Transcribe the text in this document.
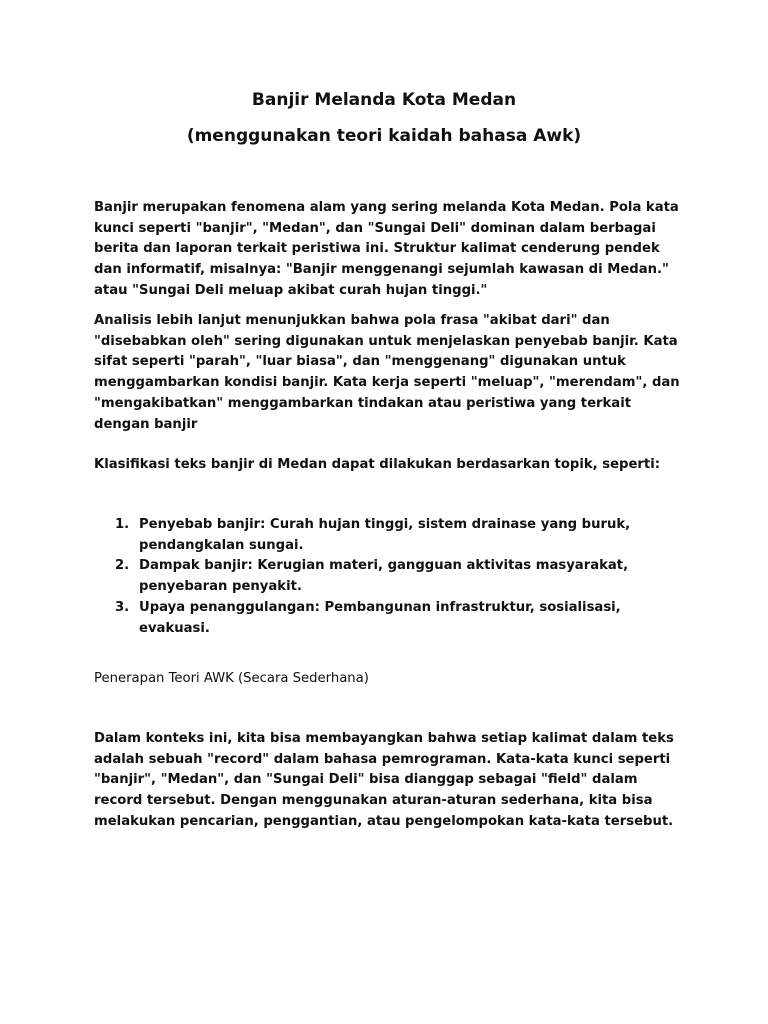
Banjir Melanda Kota Medan
(menggunakan teori kaidah bahasa Awk)

Banjir merupakan fenomena alam yang sering melanda Kota Medan. Pola kata kunci seperti "banjir", "Medan", dan "Sungai Deli" dominan dalam berbagai berita dan laporan terkait peristiwa ini. Struktur kalimat cenderung pendek dan informatif, misalnya: "Banjir menggenangi sejumlah kawasan di Medan." atau "Sungai Deli meluap akibat curah hujan tinggi."

Analisis lebih lanjut menunjukkan bahwa pola frasa "akibat dari" dan "disebabkan oleh" sering digunakan untuk menjelaskan penyebab banjir. Kata sifat seperti "parah", "luar biasa", dan "menggenang" digunakan untuk menggambarkan kondisi banjir. Kata kerja seperti "meluap", "merendam", dan "mengakibatkan" menggambarkan tindakan atau peristiwa yang terkait dengan banjir

Klasifikasi teks banjir di Medan dapat dilakukan berdasarkan topik, seperti:

1. Penyebab banjir: Curah hujan tinggi, sistem drainase yang buruk, pendangkalan sungai.
2. Dampak banjir: Kerugian materi, gangguan aktivitas masyarakat, penyebaran penyakit.
3. Upaya penanggulangan: Pembangunan infrastruktur, sosialisasi, evakuasi.
Penerapan Teori AWK (Secara Sederhana)

Dalam konteks ini, kita bisa membayangkan bahwa setiap kalimat dalam teks adalah sebuah "record" dalam bahasa pemrograman. Kata-kata kunci seperti "banjir", "Medan", dan "Sungai Deli" bisa dianggap sebagai "field" dalam record tersebut. Dengan menggunakan aturan-aturan sederhana, kita bisa melakukan pencarian, penggantian, atau pengelompokan kata-kata tersebut.
